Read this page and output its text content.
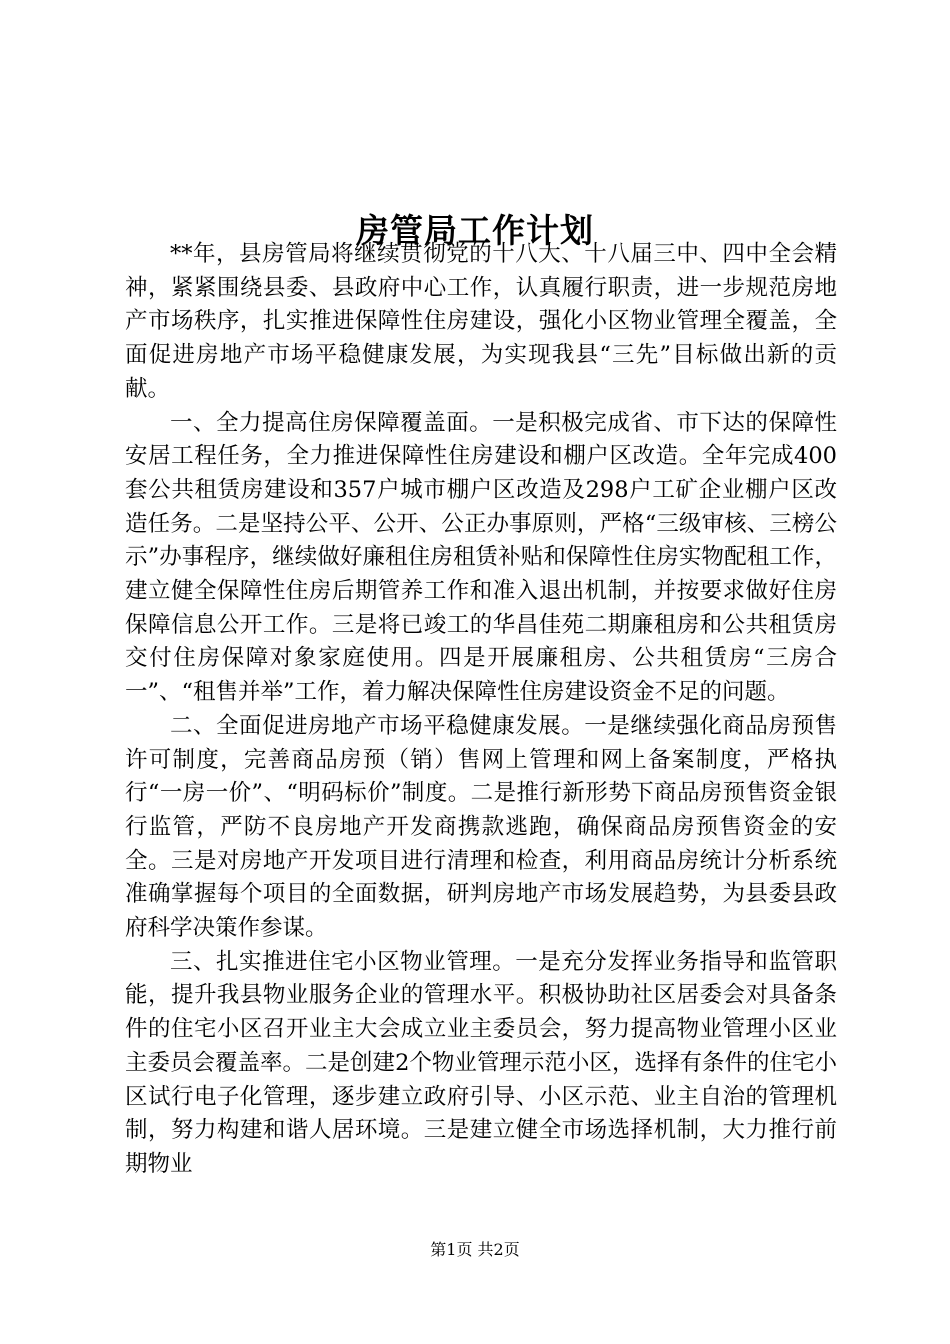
房管局工作计划

**年，县房管局将继续贯彻党的十八大、十八届三中、四中全会精神，紧紧围绕县委、县政府中心工作，认真履行职责，进一步规范房地产市场秩序，扎实推进保障性住房建设，强化小区物业管理全覆盖，全面促进房地产市场平稳健康发展，为实现我县“三先”目标做出新的贡献。

一、全力提高住房保障覆盖面。一是积极完成省、市下达的保障性安居工程任务，全力推进保障性住房建设和棚户区改造。全年完成400套公共租赁房建设和357户城市棚户区改造及298户工矿企业棚户区改造任务。二是坚持公平、公开、公正办事原则，严格“三级审核、三榜公示”办事程序，继续做好廉租住房租赁补贴和保障性住房实物配租工作，建立健全保障性住房后期管养工作和准入退出机制，并按要求做好住房保障信息公开工作。三是将已竣工的华昌佳苑二期廉租房和公共租赁房交付住房保障对象家庭使用。四是开展廉租房、公共租赁房“三房合一”、“租售并举”工作，着力解决保障性住房建设资金不足的问题。

二、全面促进房地产市场平稳健康发展。一是继续强化商品房预售许可制度，完善商品房预（销）售网上管理和网上备案制度，严格执行“一房一价”、“明码标价”制度。二是推行新形势下商品房预售资金银行监管，严防不良房地产开发商携款逃跑，确保商品房预售资金的安全。三是对房地产开发项目进行清理和检查，利用商品房统计分析系统准确掌握每个项目的全面数据，研判房地产市场发展趋势，为县委县政府科学决策作参谋。

三、扎实推进住宅小区物业管理。一是充分发挥业务指导和监管职能，提升我县物业服务企业的管理水平。积极协助社区居委会对具备条件的住宅小区召开业主大会成立业主委员会，努力提高物业管理小区业主委员会覆盖率。二是创建2个物业管理示范小区，选择有条件的住宅小区试行电子化管理，逐步建立政府引导、小区示范、业主自治的管理机制，努力构建和谐人居环境。三是建立健全市场选择机制，大力推行前期物业

第1页 共2页
